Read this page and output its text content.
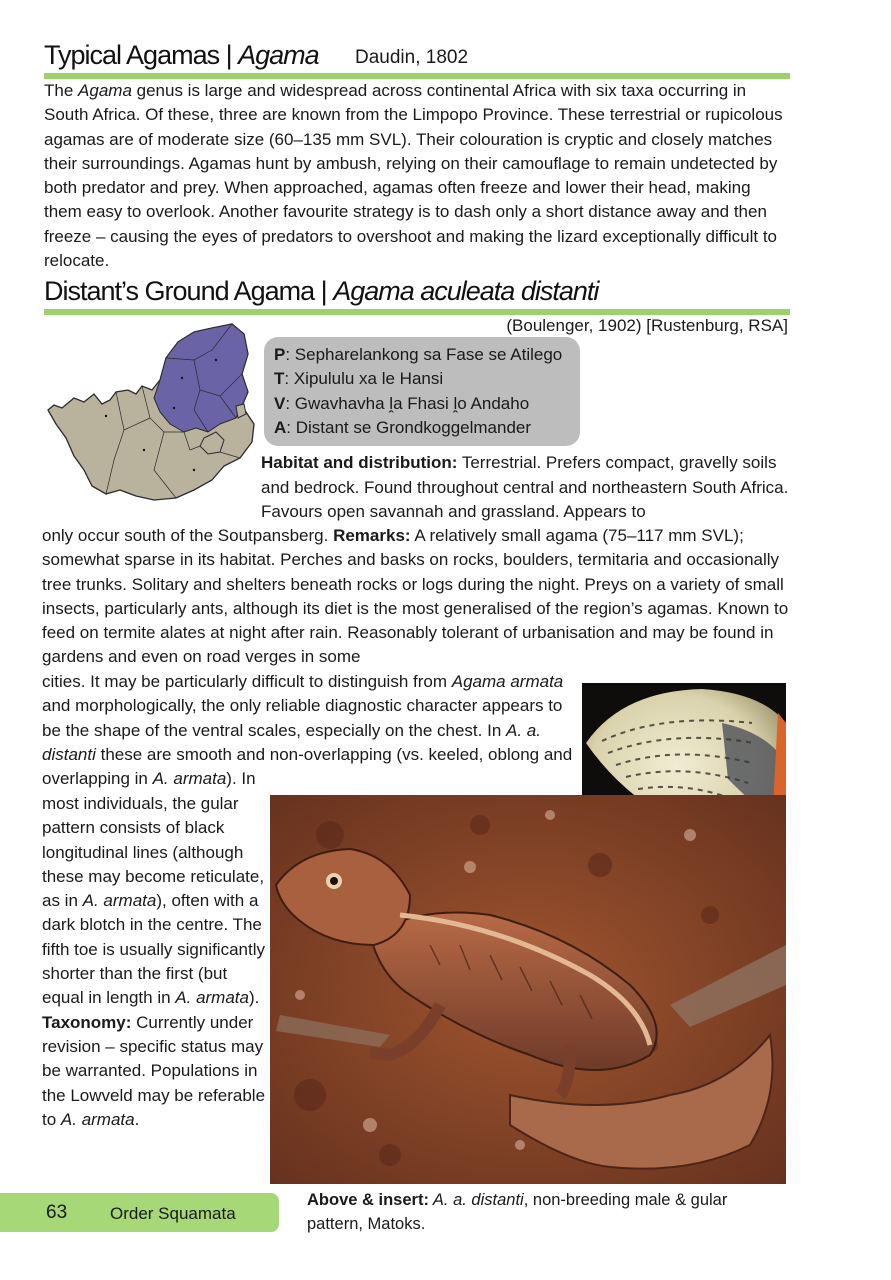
Typical Agamas | Agama Daudin, 1802
The Agama genus is large and widespread across continental Africa with six taxa occurring in South Africa. Of these, three are known from the Limpopo Province. These terrestrial or rupicolous agamas are of moderate size (60–135 mm SVL). Their colouration is cryptic and closely matches their surroundings. Agamas hunt by ambush, relying on their camouflage to remain undetected by both predator and prey. When approached, agamas often freeze and lower their head, making them easy to overlook. Another favourite strategy is to dash only a short distance away and then freeze – causing the eyes of predators to overshoot and making the lizard exceptionally difficult to relocate.
Distant’s Ground Agama | Agama aculeata distanti
(Boulenger, 1902) [Rustenburg, RSA]
P: Sepharelankong sa Fase se Atilego
T: Xipululu xa le Hansi
V: Gwavhavha ḽa Fhasi ḽo Andaho
A: Distant se Grondkoggelmander
Habitat and distribution: Terrestrial. Prefers compact, gravelly soils and bedrock. Found throughout central and northeastern South Africa. Favours open savannah and grassland. Appears to
only occur south of the Soutpansberg. Remarks: A relatively small agama (75–117 mm SVL); somewhat sparse in its habitat. Perches and basks on rocks, boulders, termitaria and occasionally tree trunks. Solitary and shelters beneath rocks or logs during the night. Preys on a variety of small insects, particularly ants, although its diet is the most generalised of the region’s agamas. Known to feed on termite alates at night after rain. Reasonably tolerant of urbanisation and may be found in gardens and even on road verges in some
cities. It may be particularly difficult to distinguish from Agama armata and morphologically, the only reliable diagnostic character appears to be the shape of the ventral scales, especially on the chest. In A. a. distanti these are smooth and non-overlapping (vs. keeled, oblong and overlapping in A. armata). In
most individuals, the gular pattern consists of black longitudinal lines (although these may become reticulate, as in A. armata), often with a dark blotch in the centre. The fifth toe is usually significantly shorter than the first (but equal in length in A. armata). Taxonomy: Currently under revision – specific status may be warranted. Populations in the Lowveld may be referable to A. armata.
Above & insert: A. a. distanti, non-breeding male & gular pattern, Matoks.
63	Order Squamata
